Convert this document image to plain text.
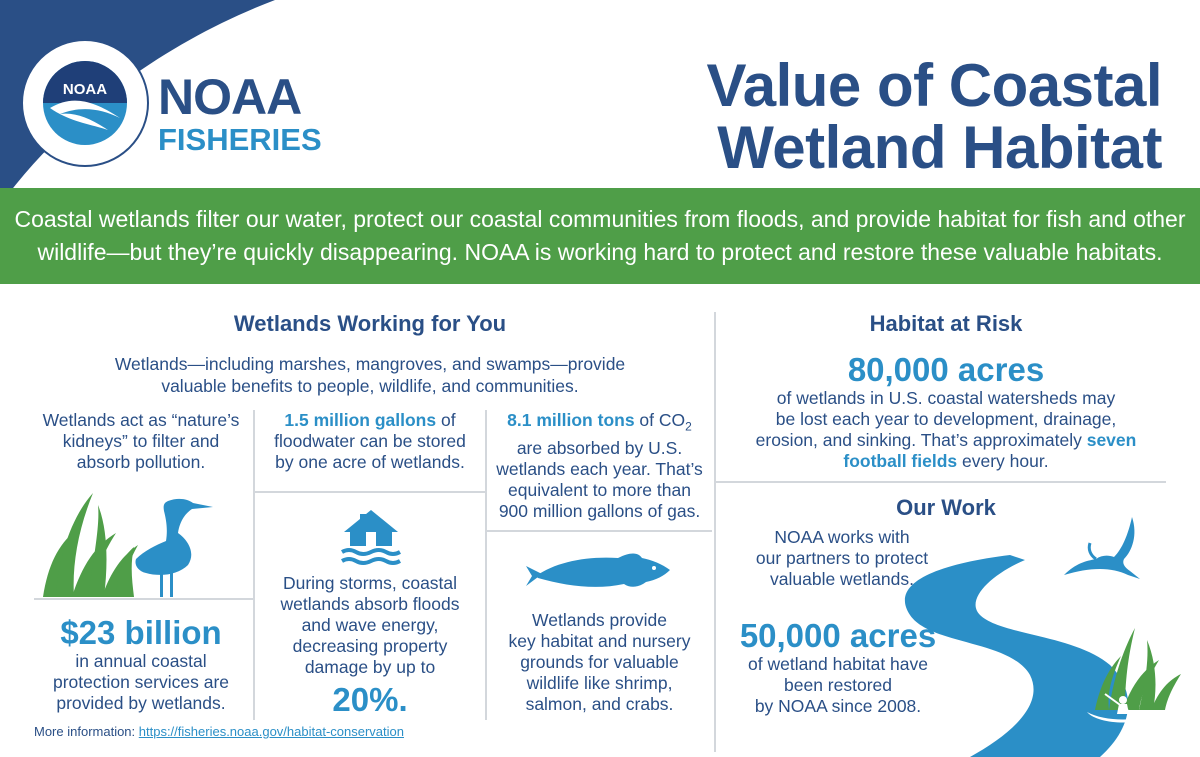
NOAA NOAA
FISHERIES
Value of Coastal
Wetland Habitat
Coastal wetlands filter our water, protect our coastal communities from floods, and provide habitat for fish and other
wildlife—but they’re quickly disappearing. NOAA is working hard to protect and restore these valuable habitats.
Wetlands Working for You
Wetlands—including marshes, mangroves, and swamps—provide
valuable benefits to people, wildlife, and communities.
Wetlands act as “nature’s
kidneys” to filter and
absorb pollution.
$23 billion
in annual coastal
protection services are
provided by wetlands.
1.5 million gallons of
floodwater can be stored
by one acre of wetlands.
During storms, coastal
wetlands absorb floods
and wave energy,
decreasing property
damage by up to
20%.
8.1 million tons of $CO_2$
are absorbed by U.S.
wetlands each year. That’s
equivalent to more than
900 million gallons of gas.
Wetlands provide
key habitat and nursery
grounds for valuable
wildlife like shrimp,
salmon, and crabs.
Habitat at Risk
80,000 acres
of wetlands in U.S. coastal watersheds may
be lost each year to development, drainage,
erosion, and sinking. That’s approximately seven
football fields every hour.
Our Work
NOAA works with
our partners to protect
valuable wetlands.
50,000 acres
of wetland habitat have
been restored
by NOAA since 2008.
More information: https://fisheries.noaa.gov/habitat-conservation
